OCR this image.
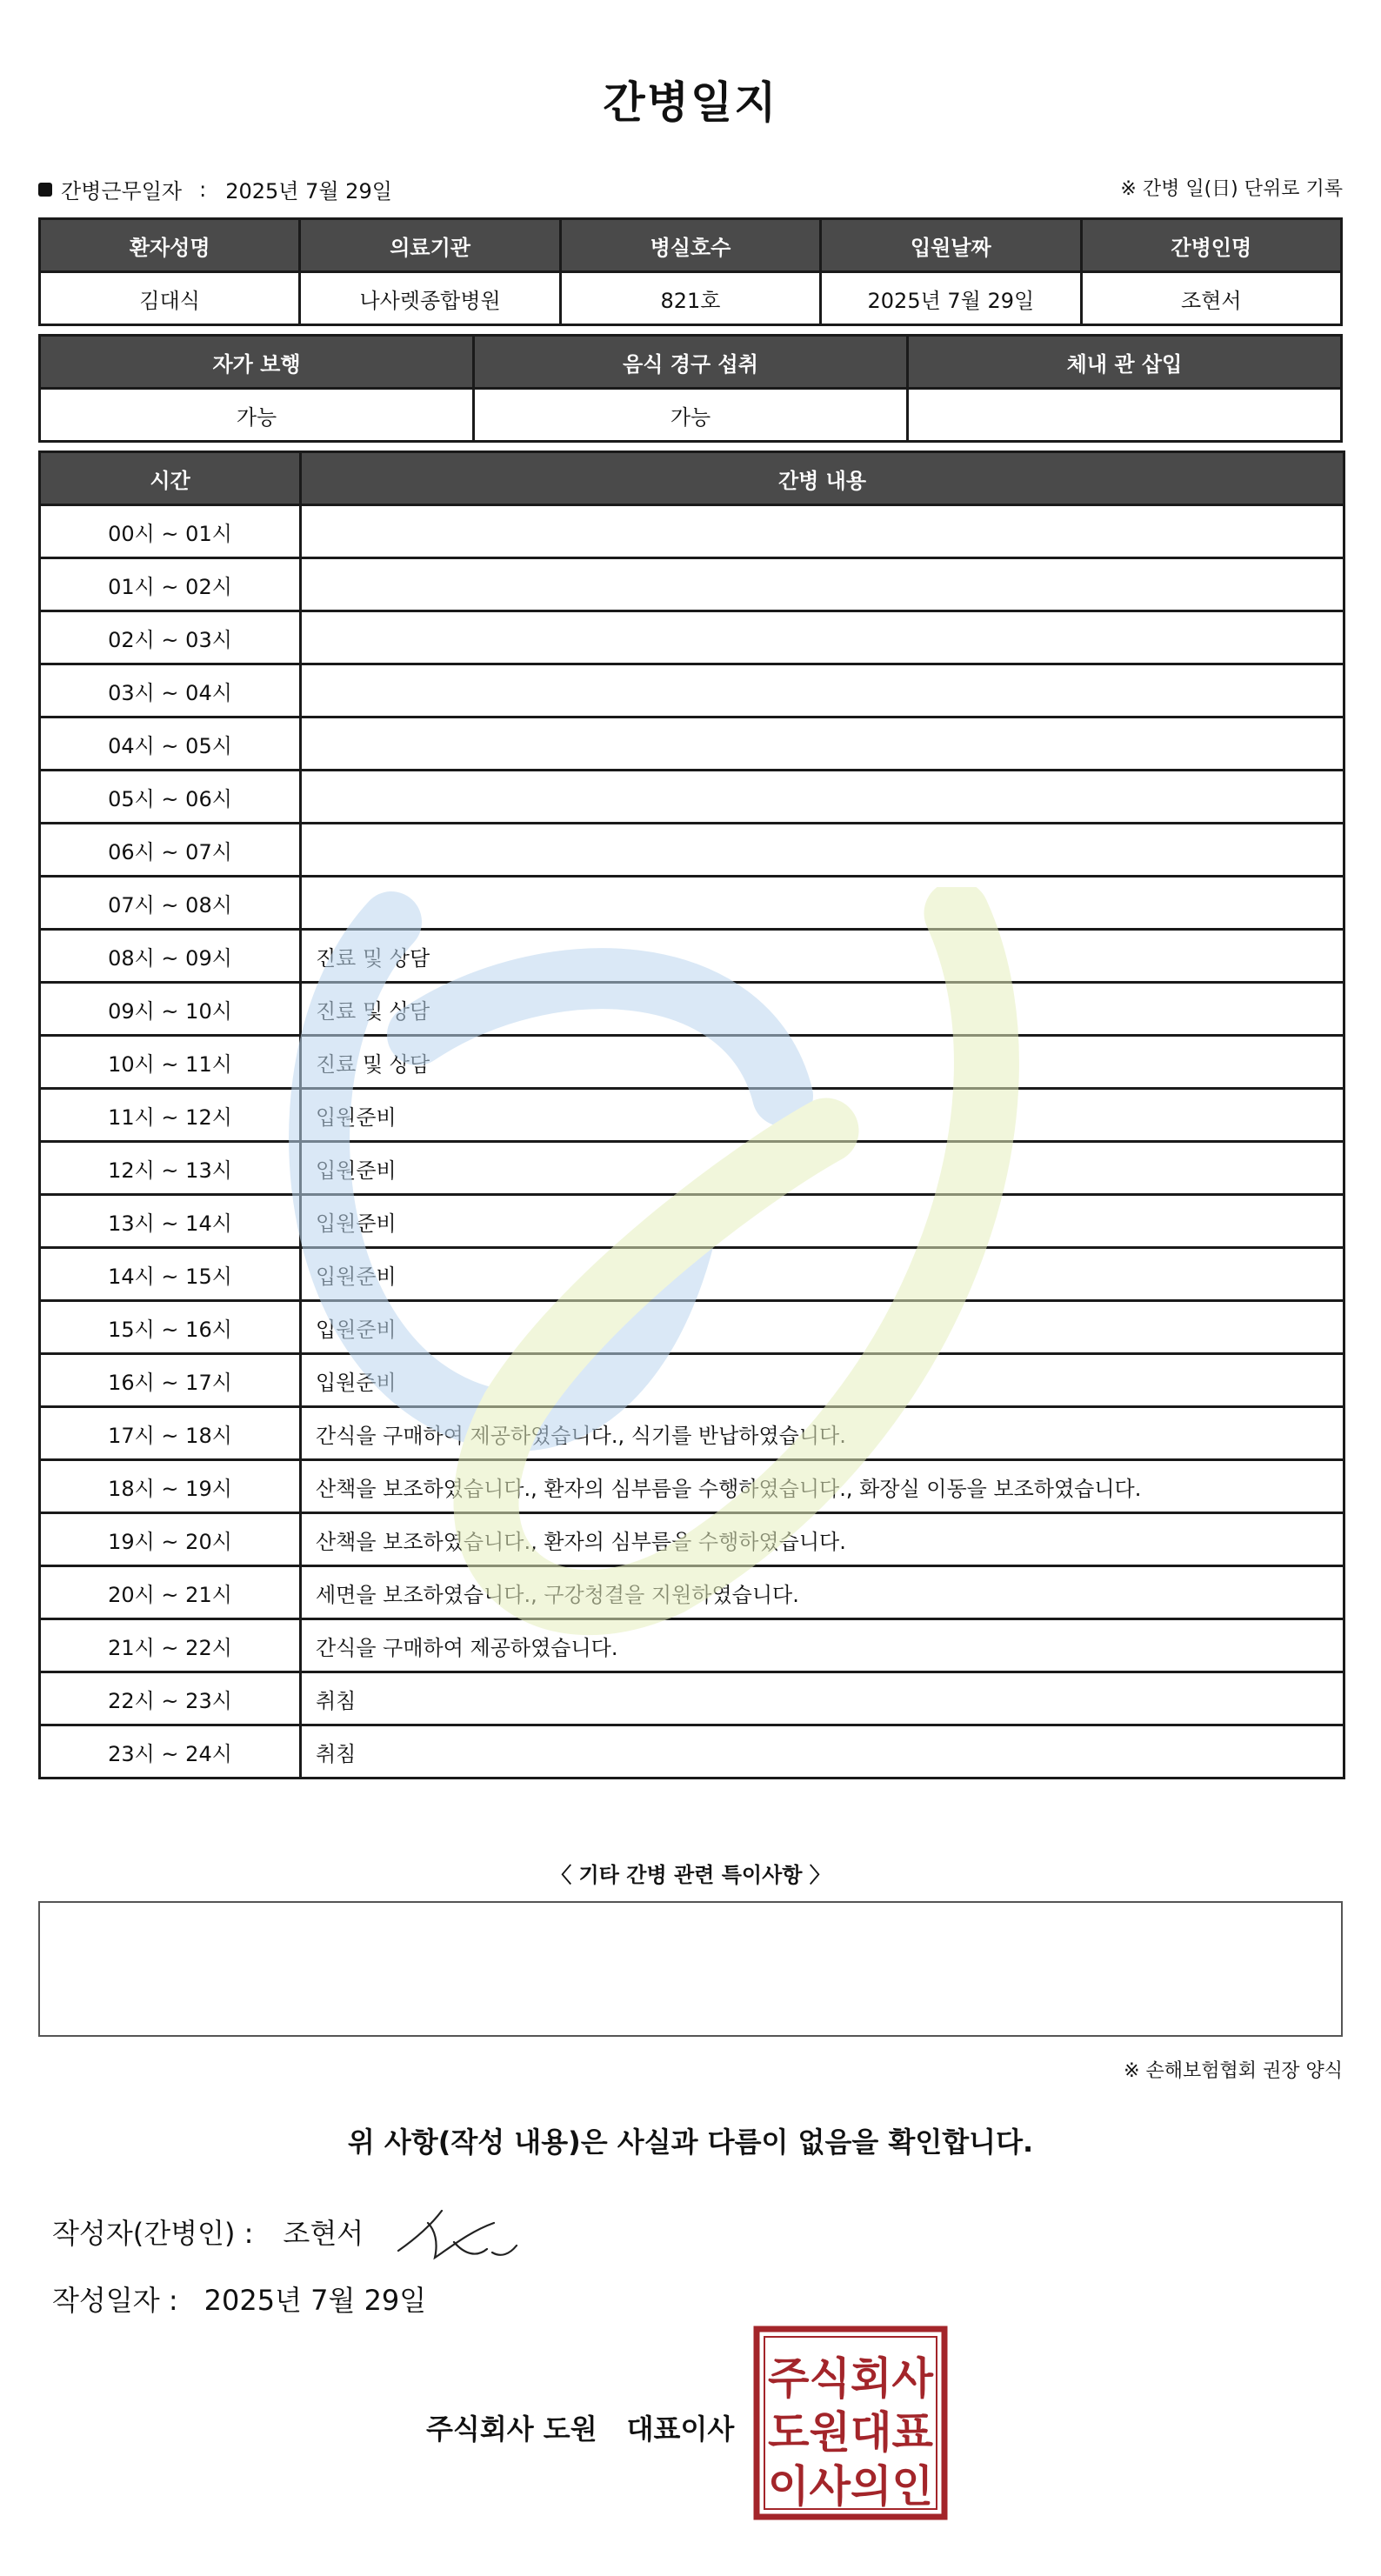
간병일지
간병근무일자 : 2025년 7월 29일	※ 간병 일(日) 단위로 기록
환자성명	의료기관	병실호수	입원날짜	간병인명
김대식	나사렛종합병원	821호	2025년 7월 29일	조현서
자가 보행	음식 경구 섭취	체내 관 삽입
가능	가능	
시간	간병 내용
00시 ~ 01시	
01시 ~ 02시	
02시 ~ 03시	
03시 ~ 04시	
04시 ~ 05시	
05시 ~ 06시	
06시 ~ 07시	
07시 ~ 08시	
08시 ~ 09시	진료 및 상담
09시 ~ 10시	진료 및 상담
10시 ~ 11시	진료 및 상담
11시 ~ 12시	입원준비
12시 ~ 13시	입원준비
13시 ~ 14시	입원준비
14시 ~ 15시	입원준비
15시 ~ 16시	입원준비
16시 ~ 17시	입원준비
17시 ~ 18시	간식을 구매하여 제공하였습니다., 식기를 반납하였습니다.
18시 ~ 19시	산책을 보조하였습니다., 환자의 심부름을 수행하였습니다., 화장실 이동을 보조하였습니다.
19시 ~ 20시	산책을 보조하였습니다., 환자의 심부름을 수행하였습니다.
20시 ~ 21시	세면을 보조하였습니다., 구강청결을 지원하였습니다.
21시 ~ 22시	간식을 구매하여 제공하였습니다.
22시 ~ 23시	취침
23시 ~ 24시	취침
〈 기타 간병 관련 특이사항 〉
※ 손해보험협회 권장 양식
위 사항(작성 내용)은 사실과 다름이 없음을 확인합니다.
작성자(간병인) : 조현서
작성일자 : 2025년 7월 29일
주식회사 도원 대표이사
주식회사
도원대표
이사의인
